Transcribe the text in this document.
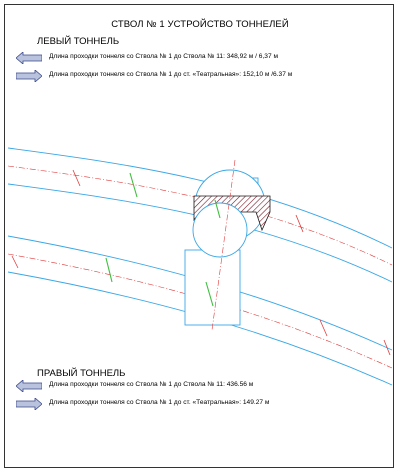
СТВОЛ № 1 УСТРОЙСТВО ТОННЕЛЕЙ
ЛЕВЫЙ ТОННЕЛЬ
Длина проходки тоннеля со Ствола № 1 до Ствола № 11: 348,92 м / 6,37 м
Длина проходки тоннеля со Ствола № 1 до ст. «Театральная»: 152,10 м /6.37 м
ПРАВЫЙ ТОННЕЛЬ
Длина проходки тоннеля со Ствола № 1 до Ствола № 11: 436.56 м
Длина проходки тоннеля со Ствола № 1 до ст. «Театральная»: 149.27 м
